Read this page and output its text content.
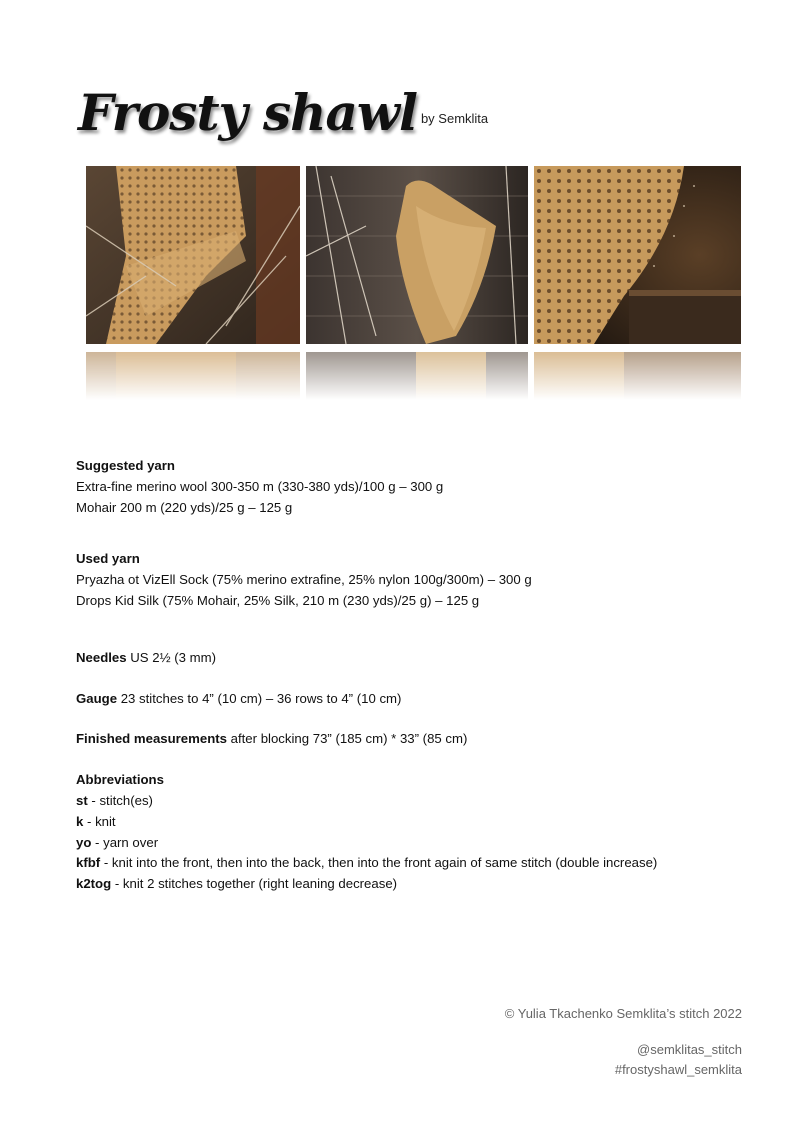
Frosty shawl by Semklita

Suggested yarn

Extra-fine merino wool 300-350 m (330-380 yds)/100 g – 300 g

Mohair 200 m (220 yds)/25 g – 125 g

Used yarn

Pryazha ot VizEll Sock (75% merino extrafine, 25% nylon 100g/300m) – 300 g

Drops Kid Silk (75% Mohair, 25% Silk, 210 m (230 yds)/25 g) – 125 g

Needles US 2½ (3 mm)

Gauge 23 stitches to 4” (10 cm) – 36 rows to 4” (10 cm)

Finished measurements after blocking 73” (185 cm) * 33” (85 cm)

Abbreviations

st - stitch(es)

k - knit

yo - yarn over

kfbf - knit into the front, then into the back, then into the front again of same stitch (double increase)

k2tog - knit 2 stitches together (right leaning decrease)

© Yulia Tkachenko Semklita’s stitch 2022
@semklitas_stitch
#frostyshawl_semklita
